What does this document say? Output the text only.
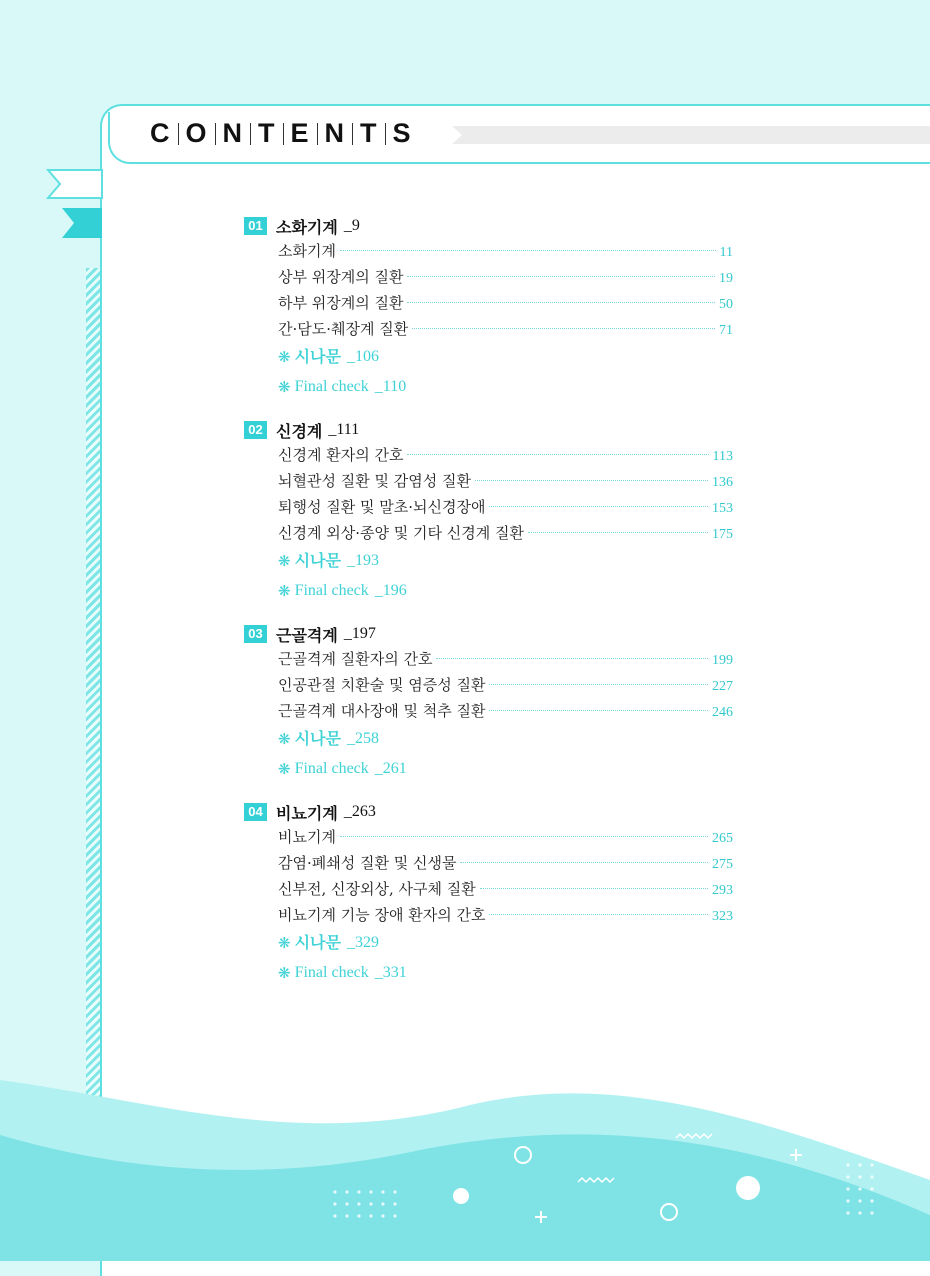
C O N T E N T S
01 소화기계 _9
소화기계	11
상부 위장계의 질환	19
하부 위장계의 질환	50
간·담도·췌장계 질환	71
❋ 시나문 _106
❋ Final check _110
02 신경계 _111
신경계 환자의 간호	113
뇌혈관성 질환 및 감염성 질환	136
퇴행성 질환 및 말초·뇌신경장애	153
신경계 외상·종양 및 기타 신경계 질환	175
❋ 시나문 _193
❋ Final check _196
03 근골격계 _197
근골격계 질환자의 간호	199
인공관절 치환술 및 염증성 질환	227
근골격계 대사장애 및 척추 질환	246
❋ 시나문 _258
❋ Final check _261
04 비뇨기계 _263
비뇨기계	265
감염·폐쇄성 질환 및 신생물	275
신부전, 신장외상, 사구체 질환	293
비뇨기계 기능 장애 환자의 간호	323
❋ 시나문 _329
❋ Final check _331
